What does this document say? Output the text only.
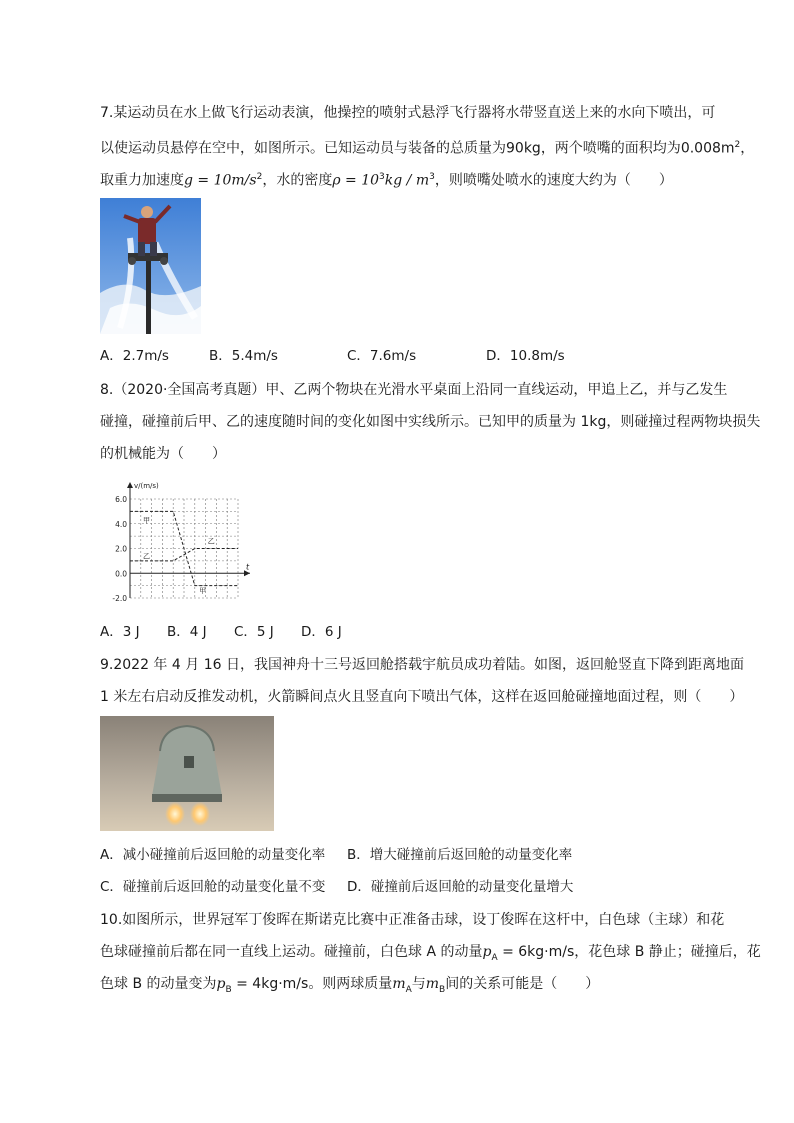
7.某运动员在水上做飞行运动表演，他操控的喷射式悬浮飞行器将水带竖直送上来的水向下喷出，可
以使运动员悬停在空中，如图所示。已知运动员与装备的总质量为90kg，两个喷嘴的面积均为$0.008m^2$，
取重力加速度$g = 10m/s^2$，水的密度$\rho = 10^3kg / m^3$，则喷嘴处喷水的速度大约为（　　）
A．2.7m/s	B．5.4m/s	C．7.6m/s	D．10.8m/s
8.（2020·全国高考真题）甲、乙两个物块在光滑水平桌面上沿同一直线运动，甲追上乙，并与乙发生
碰撞，碰撞前后甲、乙的速度随时间的变化如图中实线所示。已知甲的质量为 1kg，则碰撞过程两物块损失
的机械能为（　　）
v/(m/s)
t
6.0
4.0
2.0
0.0
-2.0
甲
乙
乙
甲
A．3 J B．4 J C．5 J D．6 J
9.2022 年 4 月 16 日，我国神舟十三号返回舱搭载宇航员成功着陆。如图，返回舱竖直下降到距离地面
1 米左右启动反推发动机，火箭瞬间点火且竖直向下喷出气体，这样在返回舱碰撞地面过程，则（　　）
A．减小碰撞前后返回舱的动量变化率 B．增大碰撞前后返回舱的动量变化率
C．碰撞前后返回舱的动量变化量不变 D．碰撞前后返回舱的动量变化量增大
10.如图所示，世界冠军丁俊晖在斯诺克比赛中正准备击球，设丁俊晖在这杆中，白色球（主球）和花
色球碰撞前后都在同一直线上运动。碰撞前，白色球 A 的动量$p_A = 6kg\cdot m/s$，花色球 B 静止；碰撞后，花
色球 B 的动量变为$p_B = 4kg\cdot m/s$。则两球质量$m_A$与$m_B$间的关系可能是（　　）
